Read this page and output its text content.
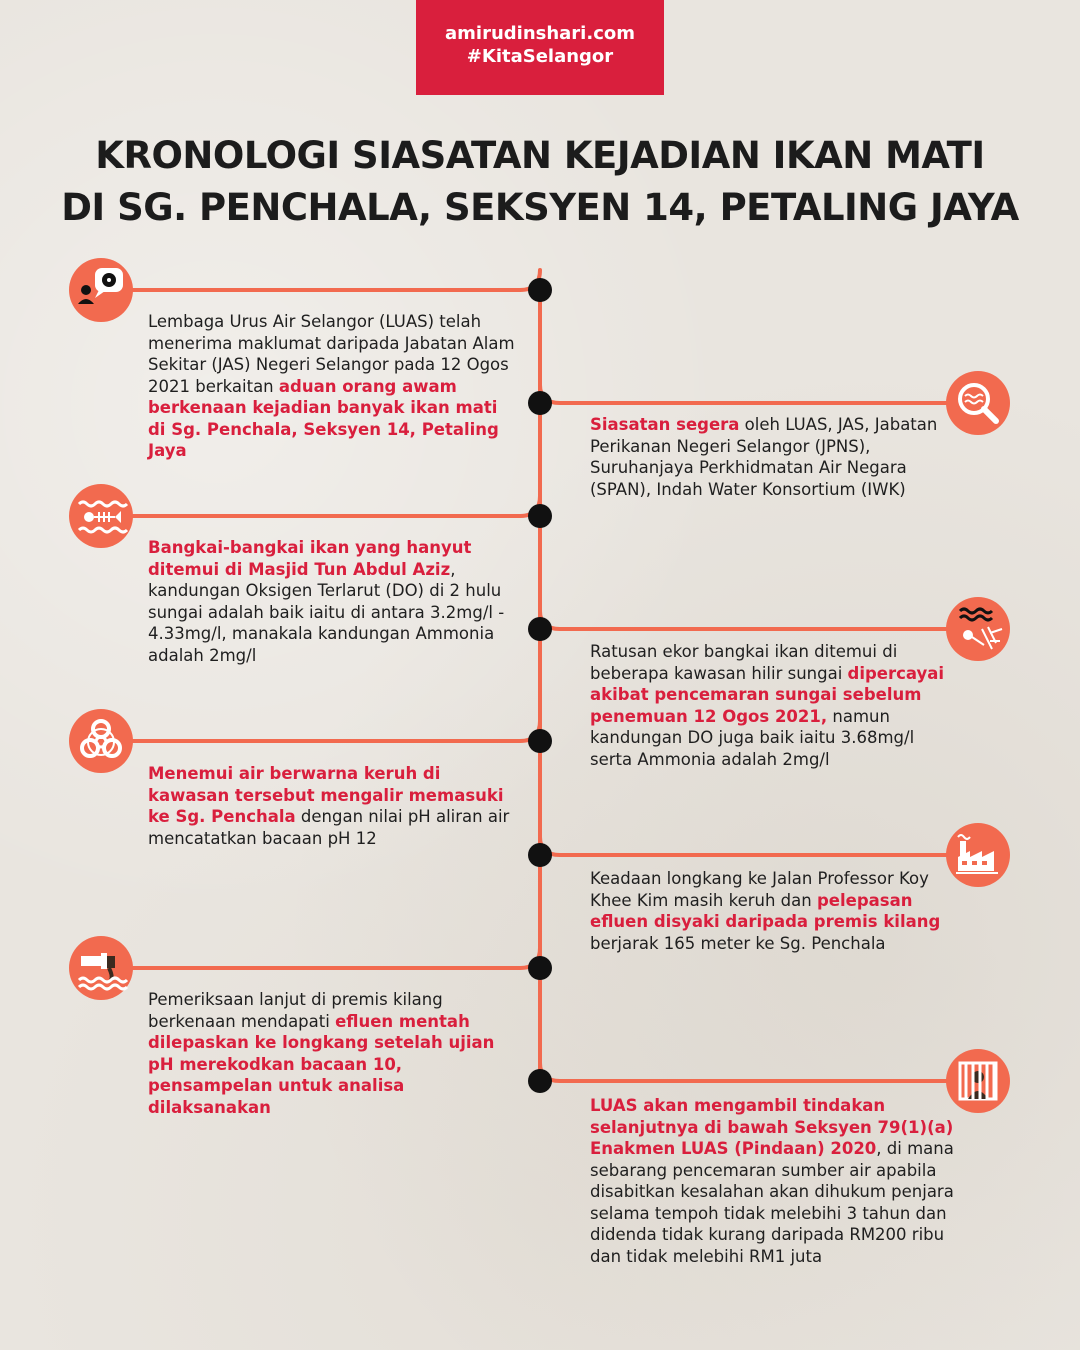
amirudinshari.com
#KitaSelangor
KRONOLOGI SIASATAN KEJADIAN IKAN MATI
DI SG. PENCHALA, SEKSYEN 14, PETALING JAYA
Lembaga Urus Air Selangor (LUAS) telah menerima maklumat daripada Jabatan Alam Sekitar (JAS) Negeri Selangor pada 12 Ogos 2021 berkaitan aduan orang awam berkenaan kejadian banyak ikan mati di Sg. Penchala, Seksyen 14, Petaling Jaya
Siasatan segera oleh LUAS, JAS, Jabatan Perikanan Negeri Selangor (JPNS), Suruhanjaya Perkhidmatan Air Negara (SPAN), Indah Water Konsortium (IWK)
Bangkai-bangkai ikan yang hanyut ditemui di Masjid Tun Abdul Aziz, kandungan Oksigen Terlarut (DO) di 2 hulu sungai adalah baik iaitu di antara 3.2mg/l - 4.33mg/l, manakala kandungan Ammonia adalah 2mg/l	Ratusan ekor bangkai ikan ditemui di beberapa kawasan hilir sungai dipercayai akibat pencemaran sungai sebelum penemuan 12 Ogos 2021, namun kandungan DO juga baik iaitu 3.68mg/l serta Ammonia adalah 2mg/l
Menemui air berwarna keruh di kawasan tersebut mengalir memasuki ke Sg. Penchala dengan nilai pH aliran air mencatatkan bacaan pH 12
Keadaan longkang ke Jalan Professor Koy Khee Kim masih keruh dan pelepasan efluen disyaki daripada premis kilang berjarak 165 meter ke Sg. Penchala
Pemeriksaan lanjut di premis kilang berkenaan mendapati efluen mentah dilepaskan ke longkang setelah ujian pH merekodkan bacaan 10, pensampelan untuk analisa dilaksanakan	LUAS akan mengambil tindakan selanjutnya di bawah Seksyen 79(1)(a) Enakmen LUAS (Pindaan) 2020, di mana sebarang pencemaran sumber air apabila disabitkan kesalahan akan dihukum penjara selama tempoh tidak melebihi 3 tahun dan didenda tidak kurang daripada RM200 ribu dan tidak melebihi RM1 juta
